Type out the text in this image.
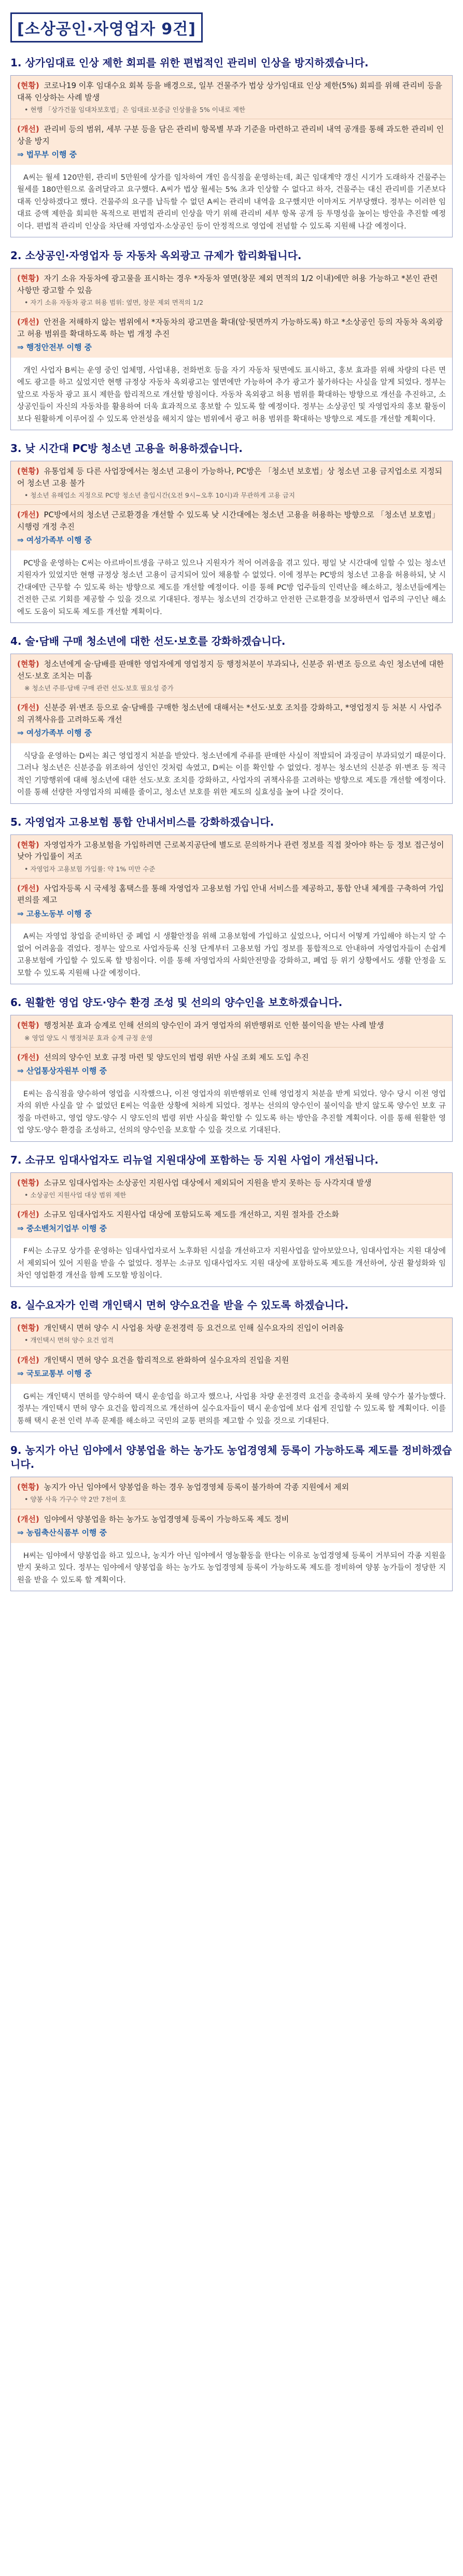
[소상공인·자영업자 9건]
1. 상가임대료 인상 제한 회피를 위한 편법적인 관리비 인상을 방지하겠습니다.
(현황) 코로나19 이후 임대수요 회복 등을 배경으로, 일부 건물주가 법상 상가임대료 인상 제한(5%) 회피를 위해 관리비 등을 대폭 인상하는 사례 발생
• 현행 「상가건물 임대차보호법」은 임대료·보증금 인상률을 5% 이내로 제한
(개선) 관리비 등의 범위, 세부 구분 등을 담은 관리비 항목별 부과 기준을 마련하고 관리비 내역 공개를 통해 과도한 관리비 인상을 방지
⇒ 법무부 이행 중
A씨는 월세 120만원, 관리비 5만원에 상가를 임차하여 개인 음식점을 운영하는데, 최근 임대계약 갱신 시기가 도래하자 건물주는 월세를 180만원으로 올려달라고 요구했다. A씨가 법상 월세는 5% 초과 인상할 수 없다고 하자, 건물주는 대신 관리비를 기존보다 대폭 인상하겠다고 했다. 건물주의 요구를 납득할 수 없던 A씨는 관리비 내역을 요구했지만 이마저도 거부당했다. 정부는 이러한 임대료 증액 제한을 회피한 목적으로 편법적 관리비 인상을 막기 위해 관리비 세부 항목 공개 등 투명성을 높이는 방안을 추진할 예정이다. 편법적 관리비 인상을 차단해 자영업자·소상공인 등이 안정적으로 영업에 전념할 수 있도록 지원해 나갈 예정이다.
2. 소상공인·자영업자 등 자동차 옥외광고 규제가 합리화됩니다.
(현황) 자기 소유 자동차에 광고물을 표시하는 경우 *자동차 옆면(창문 제외 면적의 1/2 이내)에만 허용 가능하고 *본인 관련 사항만 광고할 수 있음
• 자기 소유 자동차 광고 허용 범위: 옆면, 창문 제외 면적의 1/2
(개선) 안전을 저해하지 않는 범위에서 *자동차의 광고면을 확대(앞·뒷면까지 가능하도록) 하고 *소상공인 등의 자동차 옥외광고 허용 범위를 확대하도록 하는 법 개정 추진
⇒ 행정안전부 이행 중
개인 사업자 B씨는 운영 중인 업체명, 사업내용, 전화번호 등을 자기 자동차 뒷면에도 표시하고, 홍보 효과를 위해 차량의 다른 면에도 광고를 하고 싶었지만 현행 규정상 자동차 옥외광고는 옆면에만 가능하여 추가 광고가 불가하다는 사실을 알게 되었다. 정부는 앞으로 자동차 광고 표시 제한을 합리적으로 개선할 방침이다. 자동차 옥외광고 허용 범위를 확대하는 방향으로 개선을 추진하고, 소상공인들이 자신의 자동차를 활용하여 더욱 효과적으로 홍보할 수 있도록 할 예정이다. 정부는 소상공인 및 자영업자의 홍보 활동이 보다 원활하게 이루어질 수 있도록 안전성을 해치지 않는 범위에서 광고 허용 범위를 확대하는 방향으로 제도를 개선할 계획이다.
3. 낮 시간대 PC방 청소년 고용을 허용하겠습니다.
(현황) 유통업체 등 다른 사업장에서는 청소년 고용이 가능하나, PC방은 「청소년 보호법」상 청소년 고용 금지업소로 지정되어 청소년 고용 불가
• 청소년 유해업소 지정으로 PC방 청소년 출입시간(오전 9시~오후 10시)과 무관하게 고용 금지
(개선) PC방에서의 청소년 근로환경을 개선할 수 있도록 낮 시간대에는 청소년 고용을 허용하는 방향으로 「청소년 보호법」 시행령 개정 추진
⇒ 여성가족부 이행 중
PC방을 운영하는 C씨는 아르바이트생을 구하고 있으나 지원자가 적어 어려움을 겪고 있다. 평일 낮 시간대에 일할 수 있는 청소년 지원자가 있었지만 현행 규정상 청소년 고용이 금지되어 있어 채용할 수 없었다. 이에 정부는 PC방의 청소년 고용을 허용하되, 낮 시간대에만 근무할 수 있도록 하는 방향으로 제도를 개선할 예정이다. 이를 통해 PC방 업주들의 인력난을 해소하고, 청소년들에게는 건전한 근로 기회를 제공할 수 있을 것으로 기대된다. 정부는 청소년의 건강하고 안전한 근로환경을 보장하면서 업주의 구인난 해소에도 도움이 되도록 제도를 개선할 계획이다.
4. 술·담배 구매 청소년에 대한 선도·보호를 강화하겠습니다.
(현황) 청소년에게 술·담배를 판매한 영업자에게 영업정지 등 행정처분이 부과되나, 신분증 위·변조 등으로 속인 청소년에 대한 선도·보호 조치는 미흡
※ 청소년 주류·담배 구매 관련 선도·보호 필요성 증가
(개선) 신분증 위·변조 등으로 술·담배를 구매한 청소년에 대해서는 *선도·보호 조치를 강화하고, *영업정지 등 처분 시 사업주의 귀책사유를 고려하도록 개선
⇒ 여성가족부 이행 중
식당을 운영하는 D씨는 최근 영업정지 처분을 받았다. 청소년에게 주류를 판매한 사실이 적발되어 과징금이 부과되었기 때문이다. 그러나 청소년은 신분증을 위조하여 성인인 것처럼 속였고, D씨는 이를 확인할 수 없었다. 정부는 청소년의 신분증 위·변조 등 적극적인 기망행위에 대해 청소년에 대한 선도·보호 조치를 강화하고, 사업자의 귀책사유를 고려하는 방향으로 제도를 개선할 예정이다. 이를 통해 선량한 자영업자의 피해를 줄이고, 청소년 보호를 위한 제도의 실효성을 높여 나갈 것이다.
5. 자영업자 고용보험 통합 안내서비스를 강화하겠습니다.
(현황) 자영업자가 고용보험을 가입하려면 근로복지공단에 별도로 문의하거나 관련 정보를 직접 찾아야 하는 등 정보 접근성이 낮아 가입률이 저조
• 자영업자 고용보험 가입률: 약 1% 미만 수준
(개선) 사업자등록 시 국세청 홈택스를 통해 자영업자 고용보험 가입 안내 서비스를 제공하고, 통합 안내 체계를 구축하여 가입 편의를 제고
⇒ 고용노동부 이행 중
A씨는 자영업 창업을 준비하던 중 폐업 시 생활안정을 위해 고용보험에 가입하고 싶었으나, 어디서 어떻게 가입해야 하는지 알 수 없어 어려움을 겪었다. 정부는 앞으로 사업자등록 신청 단계부터 고용보험 가입 정보를 통합적으로 안내하여 자영업자들이 손쉽게 고용보험에 가입할 수 있도록 할 방침이다. 이를 통해 자영업자의 사회안전망을 강화하고, 폐업 등 위기 상황에서도 생활 안정을 도모할 수 있도록 지원해 나갈 예정이다.
6. 원활한 영업 양도·양수 환경 조성 및 선의의 양수인을 보호하겠습니다.
(현황) 행정처분 효과 승계로 인해 선의의 양수인이 과거 영업자의 위반행위로 인한 불이익을 받는 사례 발생
※ 영업 양도 시 행정처분 효과 승계 규정 운영
(개선) 선의의 양수인 보호 규정 마련 및 양도인의 법령 위반 사실 조회 제도 도입 추진
⇒ 산업통상자원부 이행 중
E씨는 음식점을 양수하여 영업을 시작했으나, 이전 영업자의 위반행위로 인해 영업정지 처분을 받게 되었다. 양수 당시 이전 영업자의 위반 사실을 알 수 없었던 E씨는 억울한 상황에 처하게 되었다. 정부는 선의의 양수인이 불이익을 받지 않도록 양수인 보호 규정을 마련하고, 영업 양도·양수 시 양도인의 법령 위반 사실을 확인할 수 있도록 하는 방안을 추진할 계획이다. 이를 통해 원활한 영업 양도·양수 환경을 조성하고, 선의의 양수인을 보호할 수 있을 것으로 기대된다.
7. 소규모 임대사업자도 리뉴얼 지원대상에 포함하는 등 지원 사업이 개선됩니다.
(현황) 소규모 임대사업자는 소상공인 지원사업 대상에서 제외되어 지원을 받지 못하는 등 사각지대 발생
• 소상공인 지원사업 대상 범위 제한
(개선) 소규모 임대사업자도 지원사업 대상에 포함되도록 제도를 개선하고, 지원 절차를 간소화
⇒ 중소벤처기업부 이행 중
F씨는 소규모 상가를 운영하는 임대사업자로서 노후화된 시설을 개선하고자 지원사업을 알아보았으나, 임대사업자는 지원 대상에서 제외되어 있어 지원을 받을 수 없었다. 정부는 소규모 임대사업자도 지원 대상에 포함하도록 제도를 개선하여, 상권 활성화와 임차인 영업환경 개선을 함께 도모할 방침이다.
8. 실수요자가 인력 개인택시 면허 양수요건을 받을 수 있도록 하겠습니다.
(현황) 개인택시 면허 양수 시 사업용 차량 운전경력 등 요건으로 인해 실수요자의 진입이 어려움
• 개인택시 면허 양수 요건 엄격
(개선) 개인택시 면허 양수 요건을 합리적으로 완화하여 실수요자의 진입을 지원
⇒ 국토교통부 이행 중
G씨는 개인택시 면허를 양수하여 택시 운송업을 하고자 했으나, 사업용 차량 운전경력 요건을 충족하지 못해 양수가 불가능했다. 정부는 개인택시 면허 양수 요건을 합리적으로 개선하여 실수요자들이 택시 운송업에 보다 쉽게 진입할 수 있도록 할 계획이다. 이를 통해 택시 운전 인력 부족 문제를 해소하고 국민의 교통 편의를 제고할 수 있을 것으로 기대된다.
9. 농지가 아닌 임야에서 양봉업을 하는 농가도 농업경영체 등록이 가능하도록 제도를 정비하겠습니다.
(현황) 농지가 아닌 임야에서 양봉업을 하는 경우 농업경영체 등록이 불가하여 각종 지원에서 제외
• 양봉 사육 가구수 약 2만 7천여 호
(개선) 임야에서 양봉업을 하는 농가도 농업경영체 등록이 가능하도록 제도 정비
⇒ 농림축산식품부 이행 중
H씨는 임야에서 양봉업을 하고 있으나, 농지가 아닌 임야에서 영농활동을 한다는 이유로 농업경영체 등록이 거부되어 각종 지원을 받지 못하고 있다. 정부는 임야에서 양봉업을 하는 농가도 농업경영체 등록이 가능하도록 제도를 정비하여 양봉 농가들이 정당한 지원을 받을 수 있도록 할 계획이다.
